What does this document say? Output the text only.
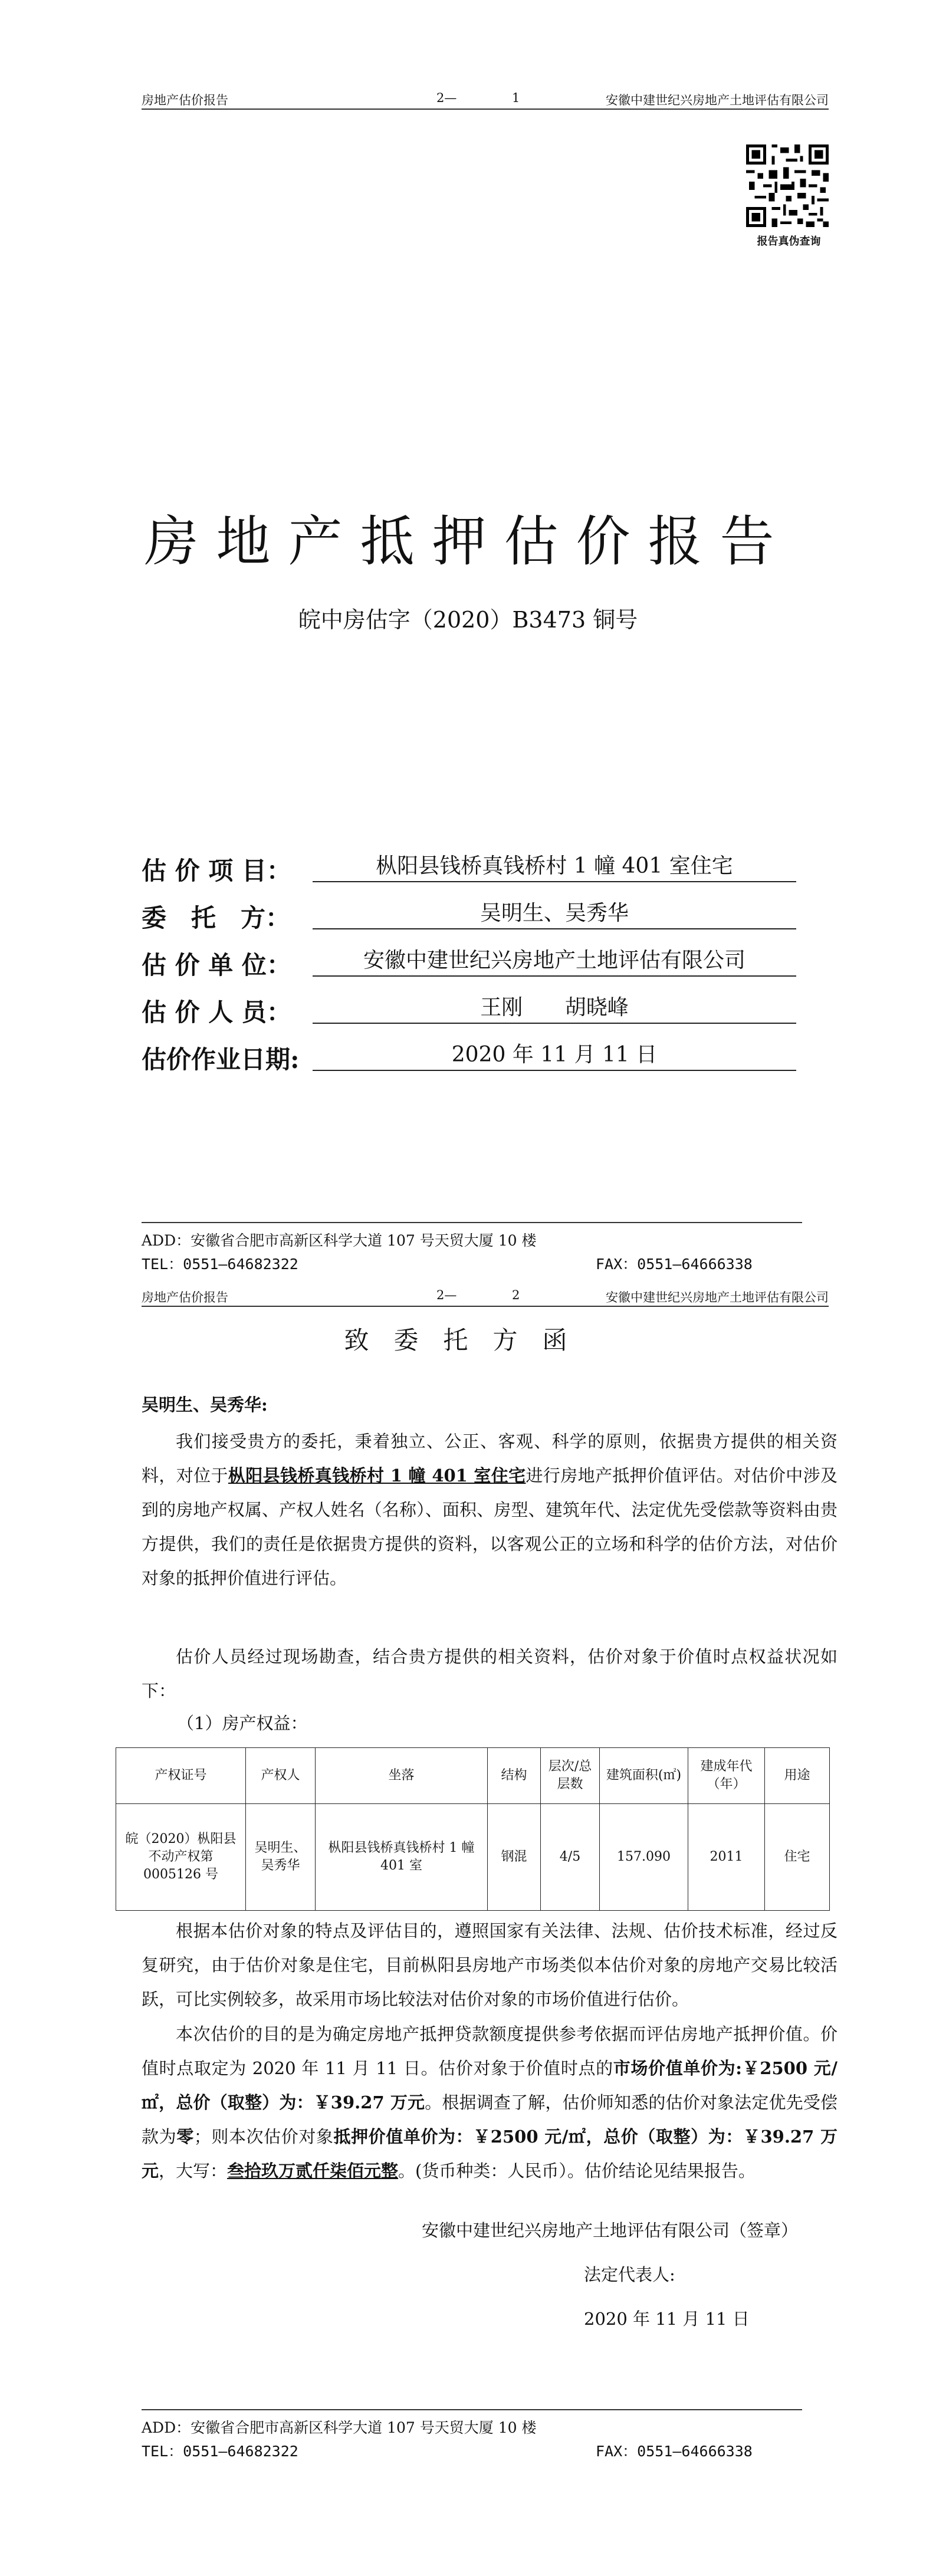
房地产估价报告	2—	1	安徽中建世纪兴房地产土地评估有限公司
报告真伪查询
房地产抵押估价报告
皖中房估字（2020）B3473 铜号
估 价 项 目：	枞阳县钱桥真钱桥村 1 幢 401 室住宅
委　托　方：	吴明生、吴秀华
估 价 单 位：	安徽中建世纪兴房地产土地评估有限公司
估 价 人 员：	王刚 胡晓峰
估价作业日期:	2020 年 11 月 11 日
ADD：安徽省合肥市高新区科学大道 107 号天贸大厦 10 楼
TEL：0551—64682322	FAX：0551—64666338
房地产估价报告	2—	2	安徽中建世纪兴房地产土地评估有限公司
致委托方函
吴明生、吴秀华:

我们接受贵方的委托，秉着独立、公正、客观、科学的原则，依据贵方提供的相关资料，对位于枞阳县钱桥真钱桥村 1 幢 401 室住宅进行房地产抵押价值评估。对估价中涉及到的房地产权属、产权人姓名（名称）、面积、房型、建筑年代、法定优先受偿款等资料由贵方提供，我们的责任是依据贵方提供的资料，以客观公正的立场和科学的估价方法，对估价对象的抵押价值进行评估。

估价人员经过现场勘查，结合贵方提供的相关资料，估价对象于价值时点权益状况如下：

（1）房产权益：
产权证号	产权人	坐落	结构	层次/总层数	建筑面积(㎡)	建成年代（年）	用途
皖（2020）枞阳县不动产权第0005126 号	吴明生、吴秀华	枞阳县钱桥真钱桥村 1 幢 401 室	钢混	4/5	157.090	2011	住宅

根据本估价对象的特点及评估目的，遵照国家有关法律、法规、估价技术标准，经过反复研究，由于估价对象是住宅，目前枞阳县房地产市场类似本估价对象的房地产交易比较活跃，可比实例较多，故采用市场比较法对估价对象的市场价值进行估价。

本次估价的目的是为确定房地产抵押贷款额度提供参考依据而评估房地产抵押价值。价值时点取定为 2020 年 11 月 11 日。估价对象于价值时点的市场价值单价为:￥2500 元/㎡，总价（取整）为：￥39.27 万元。根据调查了解，估价师知悉的估价对象法定优先受偿款为零；则本次估价对象抵押价值单价为：￥2500 元/㎡，总价（取整）为：￥39.27 万元，大写：叁拾玖万贰仟柒佰元整。(货币种类：人民币）。估价结论见结果报告。

安徽中建世纪兴房地产土地评估有限公司（签章）
法定代表人:
2020 年 11 月 11 日
ADD：安徽省合肥市高新区科学大道 107 号天贸大厦 10 楼
TEL：0551—64682322	FAX：0551—64666338
